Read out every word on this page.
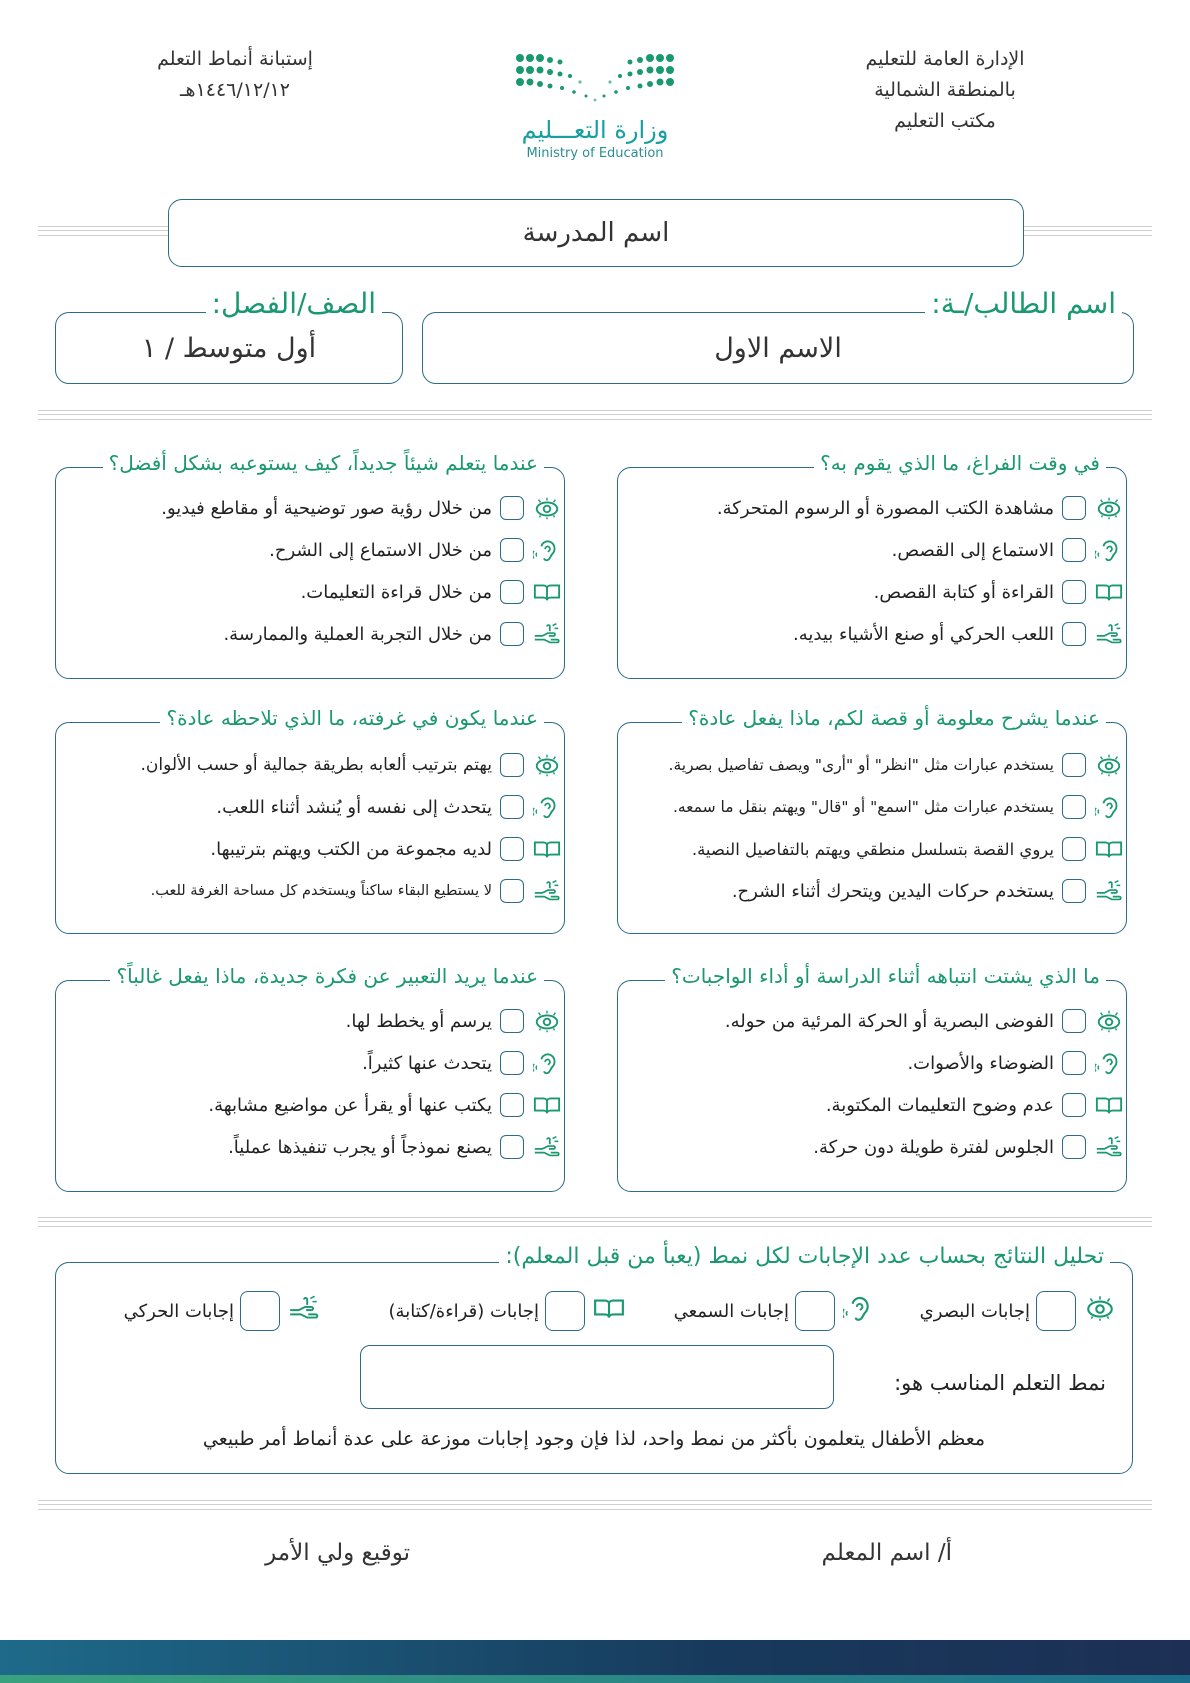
الإدارة العامة للتعليم
بالمنطقة الشمالية
مكتب التعليم
وزارة التعـــليم
Ministry of Education
إستبانة أنماط التعلم
١٤٤٦/١٢/١٢هـ
اسم المدرسة
الاسم الاول
اسم الطالب/ـة:
أول متوسط / ١
الصف/الفصل:
في وقت الفراغ، ما الذي يقوم به؟
مشاهدة الكتب المصورة أو الرسوم المتحركة.
الاستماع إلى القصص.
القراءة أو كتابة القصص.
اللعب الحركي أو صنع الأشياء بيديه.
عندما يتعلم شيئاً جديداً، كيف يستوعبه بشكل أفضل؟
من خلال رؤية صور توضيحية أو مقاطع فيديو.
من خلال الاستماع إلى الشرح.
من خلال قراءة التعليمات.
من خلال التجربة العملية والممارسة.
عندما يشرح معلومة أو قصة لكم، ماذا يفعل عادة؟
يستخدم عبارات مثل "انظر" أو "أرى" ويصف تفاصيل بصرية.
يستخدم عبارات مثل "اسمع" أو "قال" ويهتم بنقل ما سمعه.
يروي القصة بتسلسل منطقي ويهتم بالتفاصيل النصية.
يستخدم حركات اليدين ويتحرك أثناء الشرح.
عندما يكون في غرفته، ما الذي تلاحظه عادة؟
يهتم بترتيب ألعابه بطريقة جمالية أو حسب الألوان.
يتحدث إلى نفسه أو يُنشد أثناء اللعب.
لديه مجموعة من الكتب ويهتم بترتيبها.
لا يستطيع البقاء ساكناً ويستخدم كل مساحة الغرفة للعب.
ما الذي يشتت انتباهه أثناء الدراسة أو أداء الواجبات؟
الفوضى البصرية أو الحركة المرئية من حوله.
الضوضاء والأصوات.
عدم وضوح التعليمات المكتوبة.
الجلوس لفترة طويلة دون حركة.
عندما يريد التعبير عن فكرة جديدة، ماذا يفعل غالباً؟
يرسم أو يخطط لها.
يتحدث عنها كثيراً.
يكتب عنها أو يقرأ عن مواضيع مشابهة.
يصنع نموذجاً أو يجرب تنفيذها عملياً.
تحليل النتائج بحساب عدد الإجابات لكل نمط (يعبأ من قبل المعلم):
إجابات البصري
إجابات السمعي
إجابات (قراءة/كتابة)
إجابات الحركي
نمط التعلم المناسب هو:
معظم الأطفال يتعلمون بأكثر من نمط واحد، لذا فإن وجود إجابات موزعة على عدة أنماط أمر طبيعي
أ/ اسم المعلم
توقيع ولي الأمر
